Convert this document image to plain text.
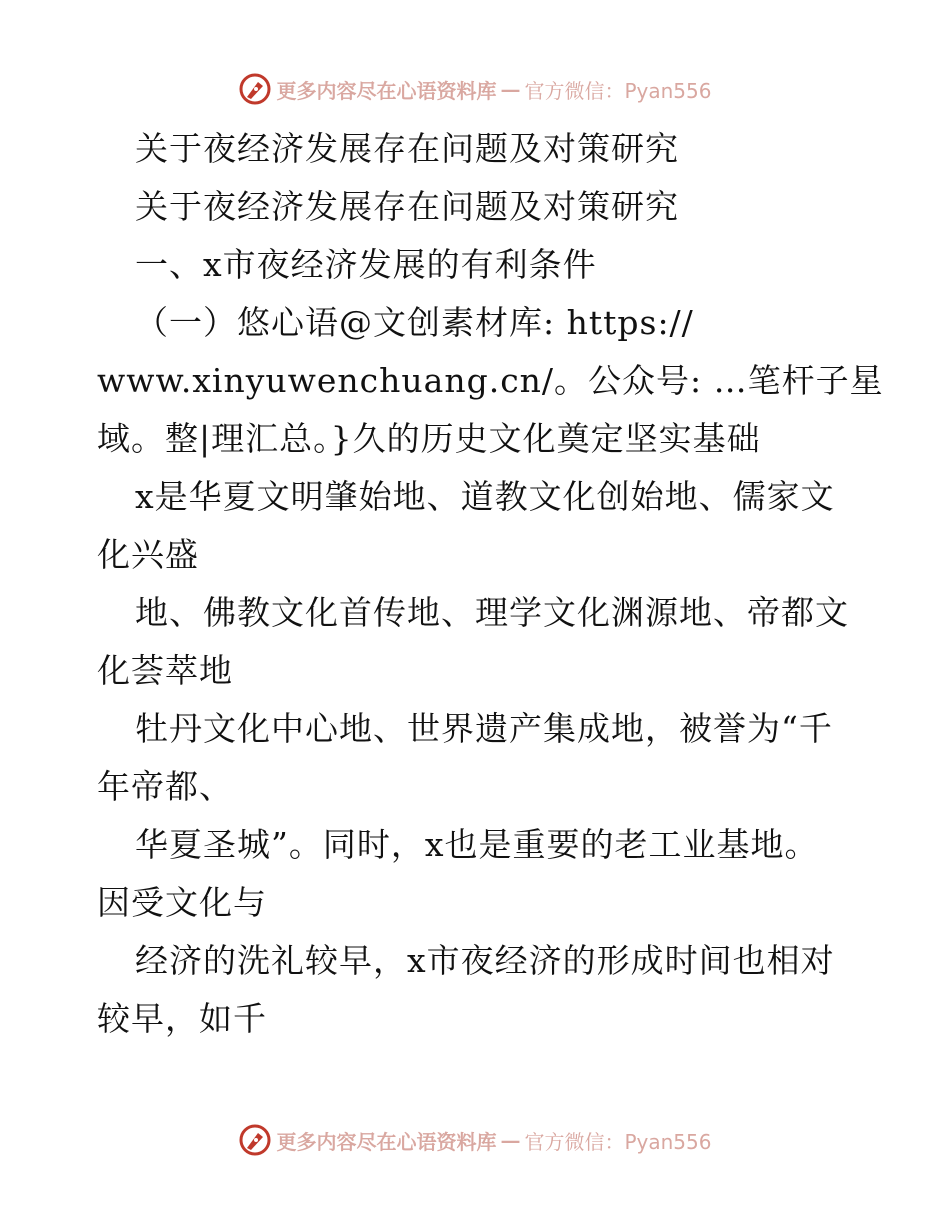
更多内容尽在心语资料库 — 官方微信：Pyan556
关于夜经济发展存在问题及对策研究
关于夜经济发展存在问题及对策研究
一、x市夜经济发展的有利条件
（一）悠心语@文创素材库: https://
www.xinyuwenchuang.cn/。公众号: …笔杆子星
域。整|理汇总。}久的历史文化奠定坚实基础
x是华夏文明肇始地、道教文化创始地、儒家文
化兴盛
地、佛教文化首传地、理学文化渊源地、帝都文
化荟萃地
牡丹文化中心地、世界遗产集成地，被誉为“千
年帝都、
华夏圣城”。同时，x也是重要的老工业基地。
因受文化与
经济的洗礼较早，x市夜经济的形成时间也相对
较早，如千
更多内容尽在心语资料库 — 官方微信：Pyan556
